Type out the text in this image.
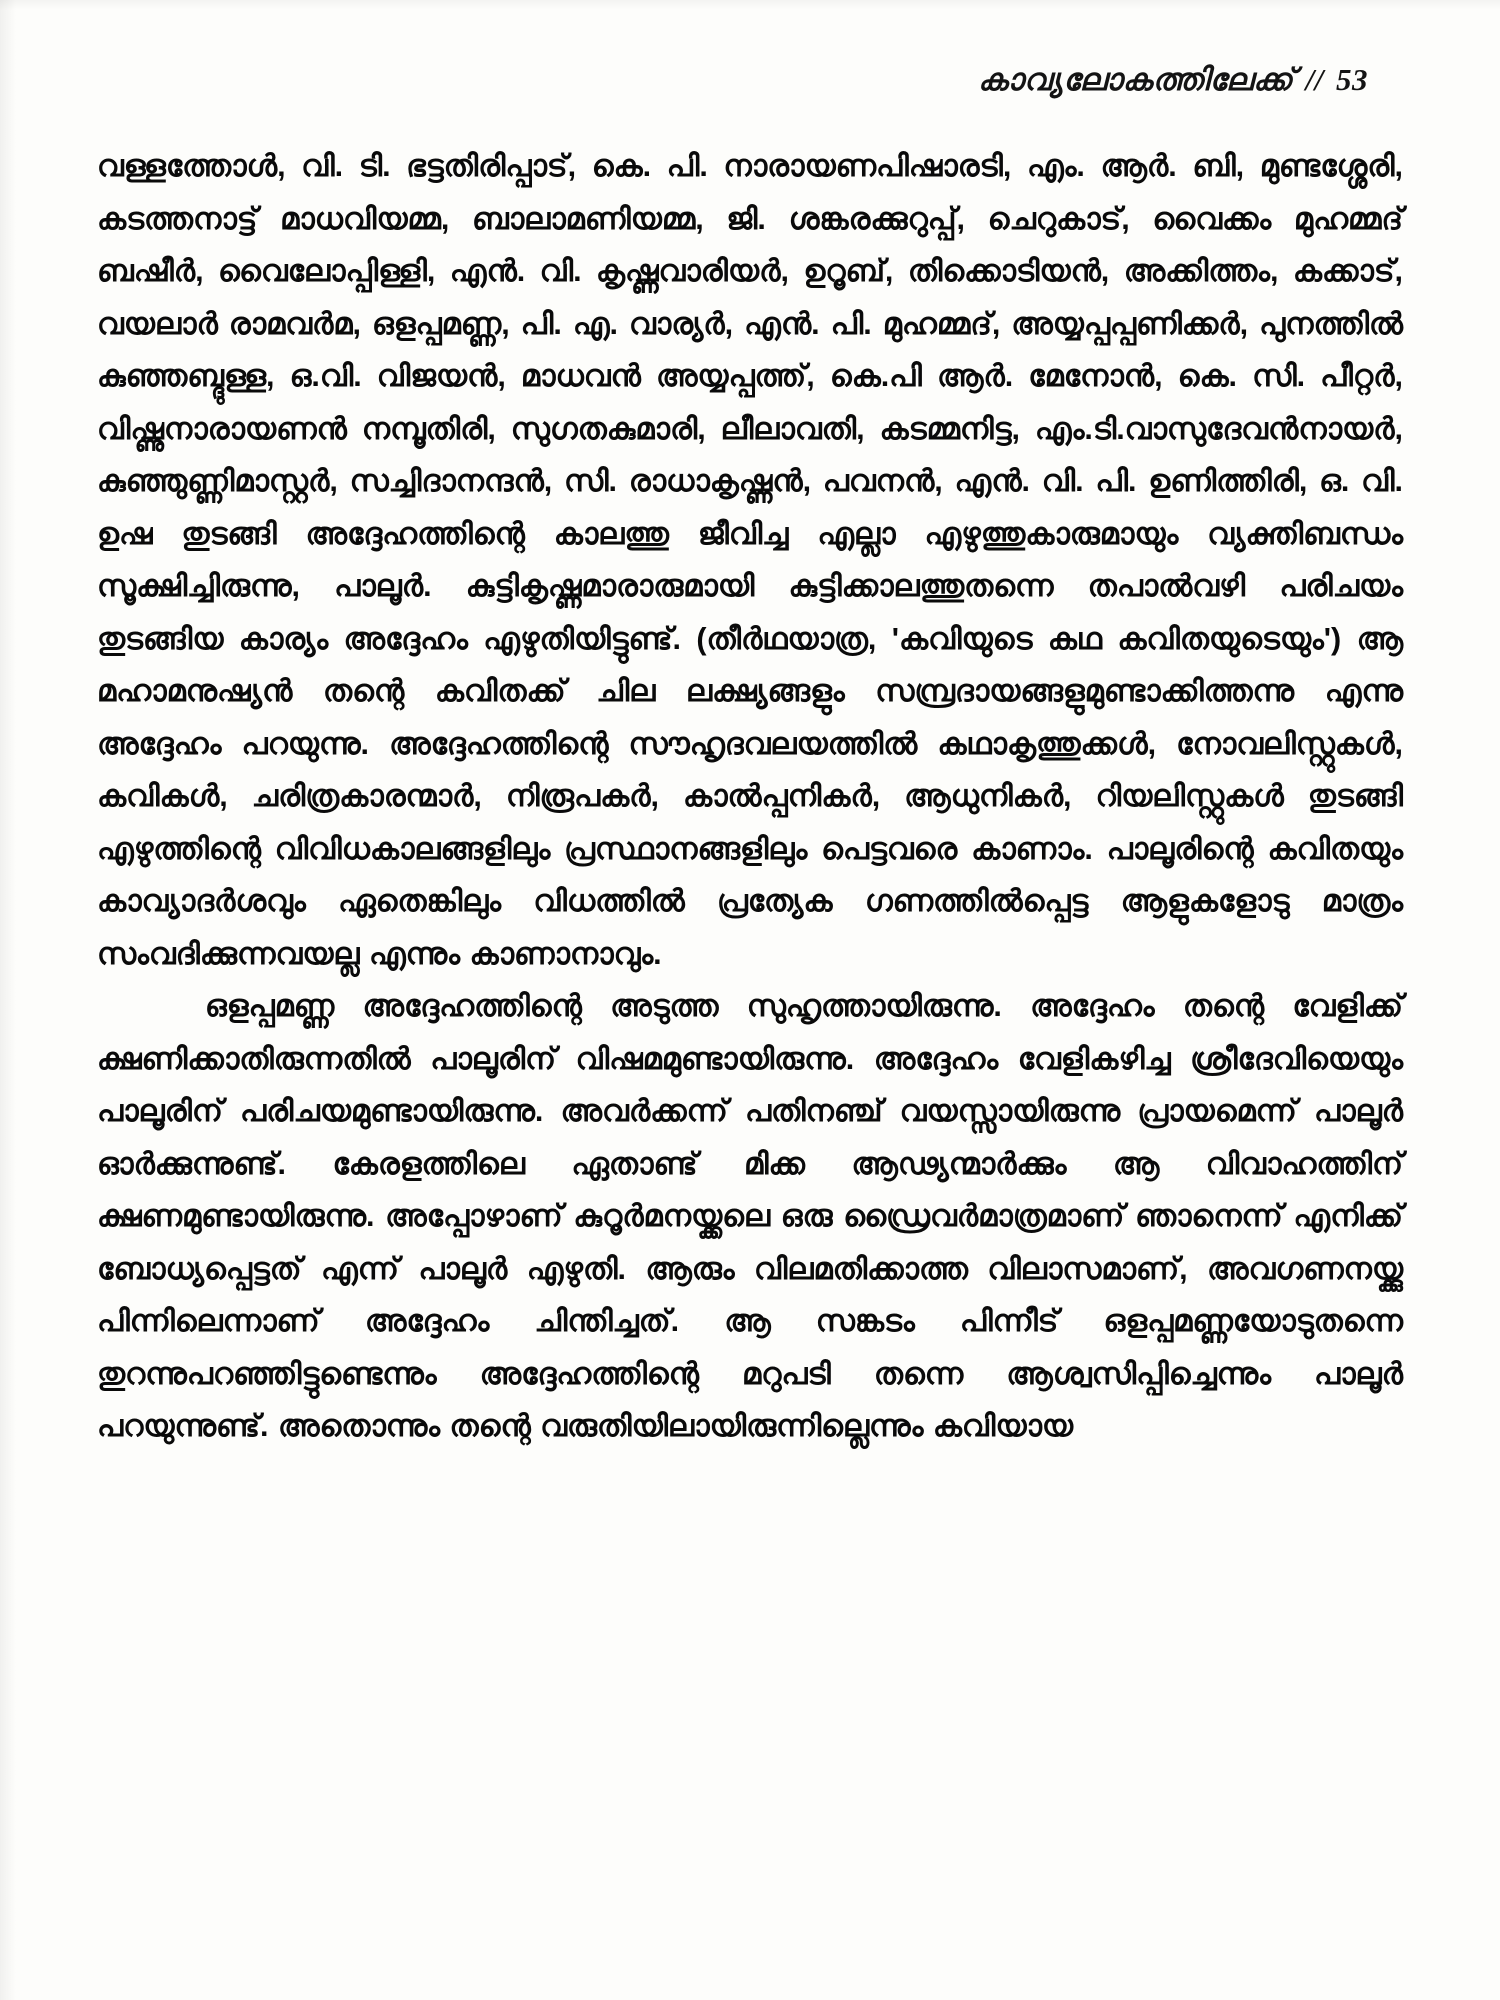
കാവ്യലോകത്തിലേക്ക് // 53

വള്ളത്തോൾ, വി. ടി. ഭട്ടതിരിപ്പാട്, കെ. പി. നാരായണപിഷാരടി, എം. ആർ. ബി, മുണ്ടശ്ശേരി, കടത്തനാട്ട് മാധവിയമ്മ, ബാലാമണിയമ്മ, ജി. ശങ്കരക്കുറുപ്പ്, ചെറുകാട്, വൈക്കം മുഹമ്മദ് ബഷീർ, വൈലോപ്പിള്ളി, എൻ. വി. കൃഷ്ണവാരിയർ, ഉറൂബ്, തിക്കൊടിയൻ, അക്കിത്തം, കക്കാട്, വയലാർ രാമവർമ, ഒളപ്പമണ്ണ, പി. എ. വാര്യർ, എൻ. പി. മുഹമ്മദ്, അയ്യപ്പപ്പണിക്കർ, പുനത്തിൽ കുഞ്ഞബ്ദുള്ള, ഒ.വി. വിജയൻ, മാധവൻ അയ്യപ്പത്ത്, കെ.പി ആർ. മേനോൻ, കെ. സി. പീറ്റർ, വിഷ്ണുനാരായണൻ നമ്പൂതിരി, സുഗതകുമാരി, ലീലാവതി, കടമ്മനിട്ട, എം.ടി.വാസുദേവൻനായർ, കുഞ്ഞുണ്ണിമാസ്റ്റർ, സച്ചിദാനന്ദൻ, സി. രാധാകൃഷ്ണൻ, പവനൻ, എൻ. വി. പി. ഉണിത്തിരി, ഒ. വി. ഉഷ തുടങ്ങി അദ്ദേഹത്തിന്റെ കാലത്തു ജീവിച്ച എല്ലാ എഴുത്തുകാരുമായും വ്യക്തിബന്ധം സൂക്ഷിച്ചിരുന്നു, പാലൂർ. കുട്ടികൃഷ്ണമാരാരുമായി കുട്ടിക്കാലത്തുതന്നെ തപാൽവഴി പരിചയം തുടങ്ങിയ കാര്യം അദ്ദേഹം എഴുതിയിട്ടുണ്ട്. (തീർഥയാത്ര, 'കവിയുടെ കഥ കവിതയുടെയും') ആ മഹാമനുഷ്യൻ തന്റെ കവിതക്ക് ചില ലക്ഷ്യങ്ങളും സമ്പ്രദായങ്ങളുമുണ്ടാക്കിത്തന്നു എന്നു അദ്ദേഹം പറയുന്നു. അദ്ദേഹത്തിന്റെ സൗഹൃദവലയത്തിൽ കഥാകൃത്തുക്കൾ, നോവലിസ്റ്റുകൾ, കവികൾ, ചരിത്രകാരന്മാർ, നിരൂപകർ, കാൽപ്പനികർ, ആധുനികർ, റിയലിസ്റ്റുകൾ തുടങ്ങി എഴുത്തിന്റെ വിവിധകാലങ്ങളിലും പ്രസ്ഥാനങ്ങളിലും പെട്ടവരെ കാണാം. പാലൂരിന്റെ കവിതയും കാവ്യാദർശവും ഏതെങ്കിലും വിധത്തിൽ പ്രത്യേക ഗണത്തിൽപ്പെട്ട ആളുകളോടു മാത്രം സംവദിക്കുന്നവയല്ല എന്നും കാണാനാവും.

ഒളപ്പമണ്ണ അദ്ദേഹത്തിന്റെ അടുത്ത സുഹൃത്തായിരുന്നു. അദ്ദേഹം തന്റെ വേളിക്ക് ക്ഷണിക്കാതിരുന്നതിൽ പാലൂരിന് വിഷമമുണ്ടായിരുന്നു. അദ്ദേഹം വേളികഴിച്ച ശ്രീദേവിയെയും പാലൂരിന് പരിചയമുണ്ടായിരുന്നു. അവർക്കന്ന് പതിനഞ്ച് വയസ്സായിരുന്നു പ്രായമെന്ന് പാലൂർ ഓർക്കുന്നുണ്ട്. കേരളത്തിലെ ഏതാണ്ട് മിക്ക ആഢ്യന്മാർക്കും ആ വിവാഹത്തിന് ക്ഷണമുണ്ടായിരുന്നു. അപ്പോഴാണ് കുറൂർമനയ്ക്കലെ ഒരു ഡ്രൈവർമാത്രമാണ് ഞാനെന്ന് എനിക്ക് ബോധ്യപ്പെട്ടത് എന്ന് പാലൂർ എഴുതി. ആരും വിലമതിക്കാത്ത വിലാസമാണ്, അവഗണനയ്ക്കു പിന്നിലെന്നാണ് അദ്ദേഹം ചിന്തിച്ചത്. ആ സങ്കടം പിന്നീട് ഒളപ്പമണ്ണയോടുതന്നെ തുറന്നുപറഞ്ഞിട്ടുണ്ടെന്നും അദ്ദേഹത്തിന്റെ മറുപടി തന്നെ ആശ്വസിപ്പിച്ചെന്നും പാലൂർ പറയുന്നുണ്ട്. അതൊന്നും തന്റെ വരുതിയിലായിരുന്നില്ലെന്നും കവിയായ
